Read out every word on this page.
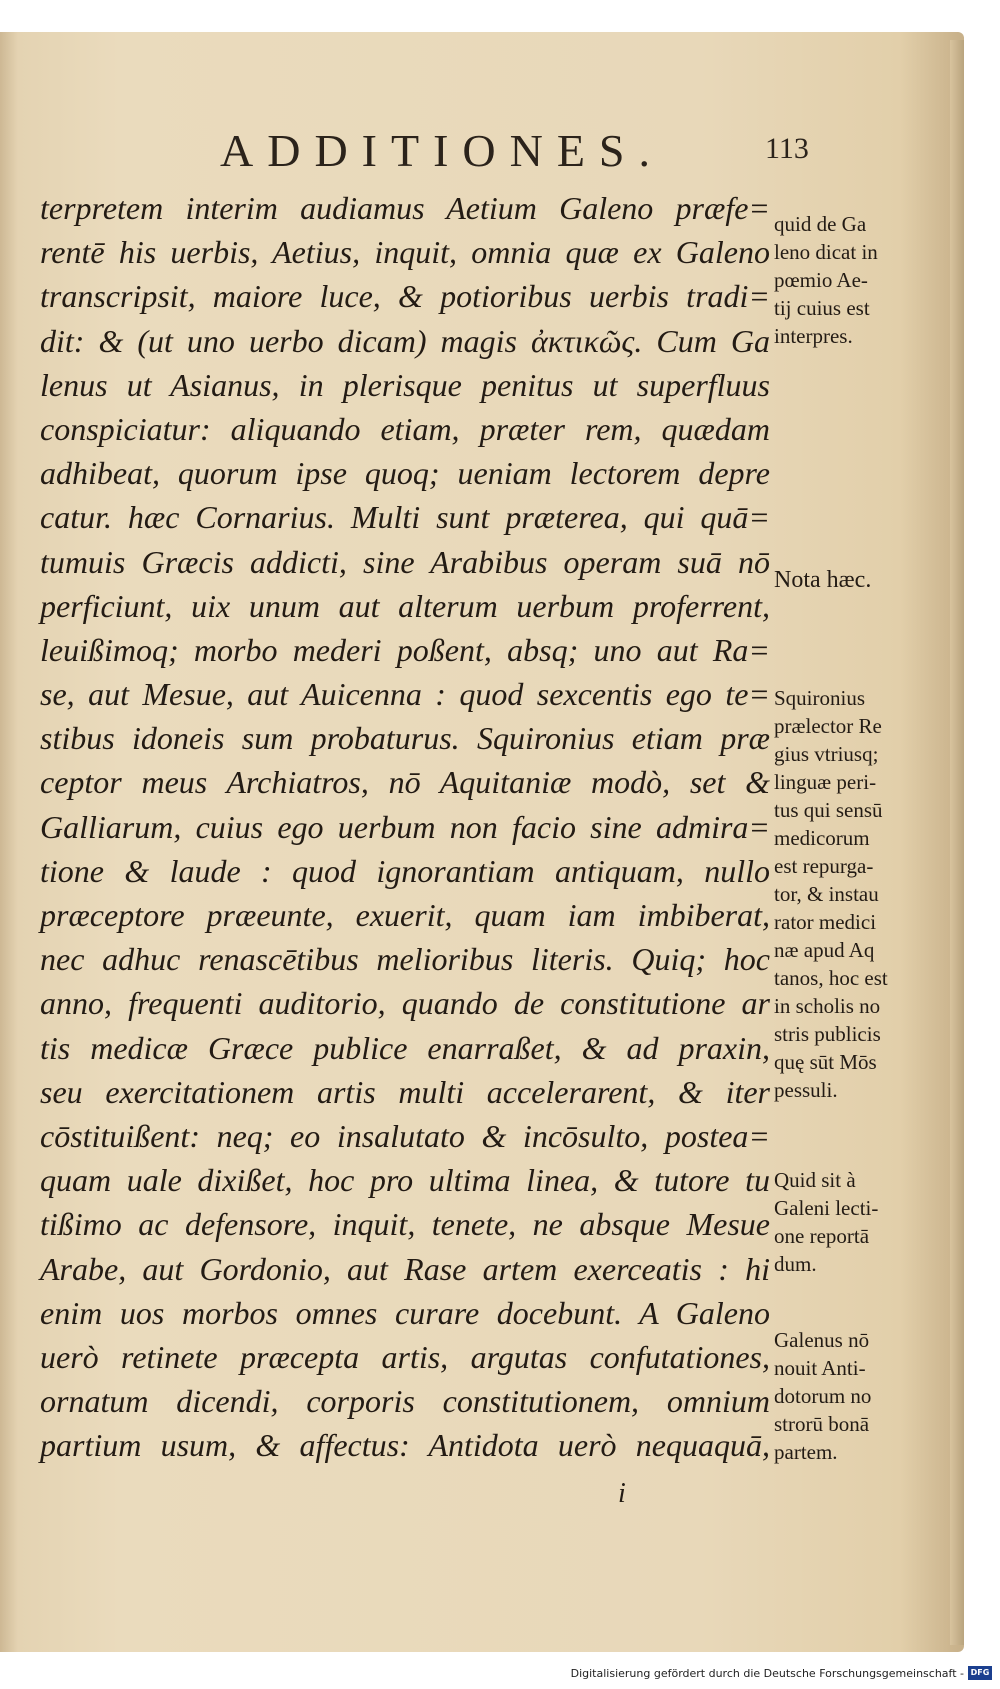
ADDITIONES.	113
terpretem interim audiamus Aetium Galeno præfe=
rentē his uerbis, Aetius, inquit, omnia quæ ex Galeno
transcripsit, maiore luce, & potioribus uerbis tradi=
dit: & (ut uno uerbo dicam) magis ἀκτικῶς. Cum Ga
lenus ut Asianus, in plerisque penitus ut superfluus
conspiciatur: aliquando etiam, præter rem, quædam
adhibeat, quorum ipse quoq; ueniam lectorem depre
catur. hæc Cornarius. Multi sunt præterea, qui quā=
tumuis Græcis addicti, sine Arabibus operam suā nō
perficiunt, uix unum aut alterum uerbum proferrent,
leuißimoq; morbo mederi poßent, absq; uno aut Ra=
se, aut Mesue, aut Auicenna : quod sexcentis ego te=
stibus idoneis sum probaturus. Squironius etiam præ
ceptor meus Archiatros, nō Aquitaniæ modò, set &
Galliarum, cuius ego uerbum non facio sine admira=
tione & laude : quod ignorantiam antiquam, nullo
præceptore præeunte, exuerit, quam iam imbiberat,
nec adhuc renascētibus melioribus literis. Quiq; hoc
anno, frequenti auditorio, quando de constitutione ar
tis medicæ Græce publice enarraßet, & ad praxin,
seu exercitationem artis multi accelerarent, & iter
cōstituißent: neq; eo insalutato & incōsulto, postea=
quam uale dixißet, hoc pro ultima linea, & tutore tu
tißimo ac defensore, inquit, tenete, ne absque Mesue
Arabe, aut Gordonio, aut Rase artem exerceatis : hi
enim uos morbos omnes curare docebunt. A Galeno
uerò retinete præcepta artis, argutas confutationes,
ornatum dicendi, corporis constitutionem, omnium
partium usum, & affectus: Antidota uerò nequaquā,
quid de Ga
leno dicat in
pœmio Ae-
tij cuius est
interpres.
Nota hæc.
Squironius
prælector Re
gius vtriusq;
linguæ peri-
tus qui sensū
medicorum
est repurga-
tor, & instau
rator medici
næ apud Aq
tanos, hoc est
in scholis no
stris publicis
quę sūt Mōs
pessuli.
Quid sit à
Galeni lecti-
one reportā
dum.
Galenus nō
nouit Anti-
dotorum no
strorū bonā
partem.
i
Digitalisierung gefördert durch die Deutsche Forschungsgemeinschaft - DFG
